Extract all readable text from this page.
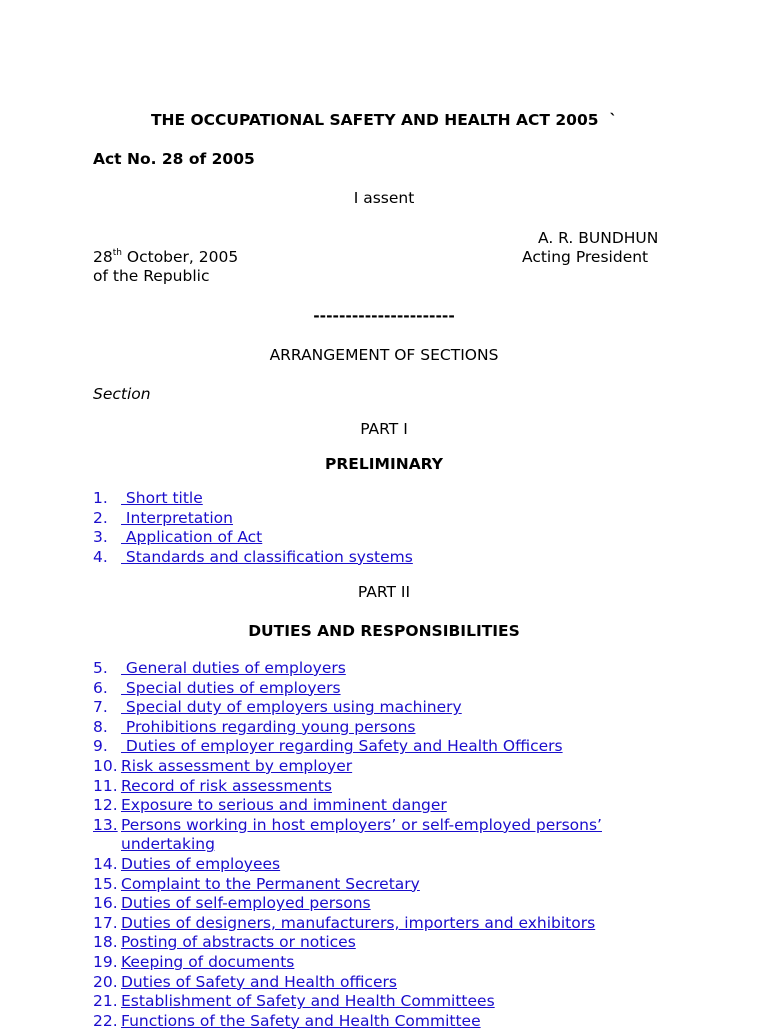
THE OCCUPATIONAL SAFETY AND HEALTH ACT 2005 `
Act No. 28 of 2005
I assent
A. R. BUNDHUN
28th October, 2005	Acting President
of the Republic
----------------------
ARRANGEMENT OF SECTIONS
Section
PART I
PRELIMINARY
1. Short title
2. Interpretation
3. Application of Act
4. Standards and classification systems
PART II
DUTIES AND RESPONSIBILITIES
5. General duties of employers
6. Special duties of employers
7. Special duty of employers using machinery
8. Prohibitions regarding young persons
9. Duties of employer regarding Safety and Health Officers
10. Risk assessment by employer
11. Record of risk assessments
12. Exposure to serious and imminent danger
13. Persons working in host employers’ or self-employed persons’ undertaking
14. Duties of employees
15. Complaint to the Permanent Secretary
16. Duties of self-employed persons
17. Duties of designers, manufacturers, importers and exhibitors
18. Posting of abstracts or notices
19. Keeping of documents
20. Duties of Safety and Health officers
21. Establishment of Safety and Health Committees
22. Functions of the Safety and Health Committee
